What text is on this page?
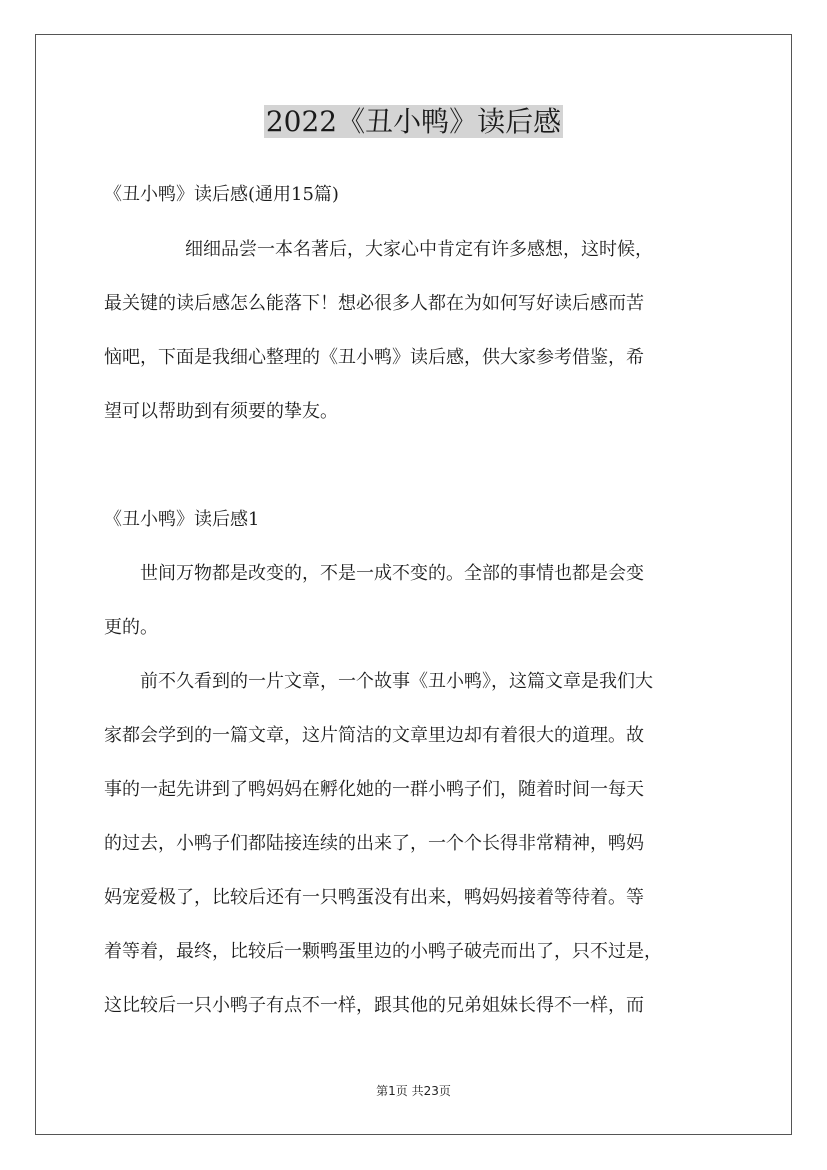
2022《丑小鸭》读后感
《丑小鸭》读后感(通用15篇)
细细品尝一本名著后，大家心中肯定有许多感想，这时候，
最关键的读后感怎么能落下！想必很多人都在为如何写好读后感而苦
恼吧，下面是我细心整理的《丑小鸭》读后感，供大家参考借鉴，希
望可以帮助到有须要的挚友。
《丑小鸭》读后感1
世间万物都是改变的，不是一成不变的。全部的事情也都是会变
更的。
前不久看到的一片文章，一个故事《丑小鸭》，这篇文章是我们大
家都会学到的一篇文章，这片简洁的文章里边却有着很大的道理。故
事的一起先讲到了鸭妈妈在孵化她的一群小鸭子们，随着时间一每天
的过去，小鸭子们都陆接连续的出来了，一个个长得非常精神，鸭妈
妈宠爱极了，比较后还有一只鸭蛋没有出来，鸭妈妈接着等待着。等
着等着，最终，比较后一颗鸭蛋里边的小鸭子破壳而出了，只不过是，
这比较后一只小鸭子有点不一样，跟其他的兄弟姐妹长得不一样，而
第1页 共23页
